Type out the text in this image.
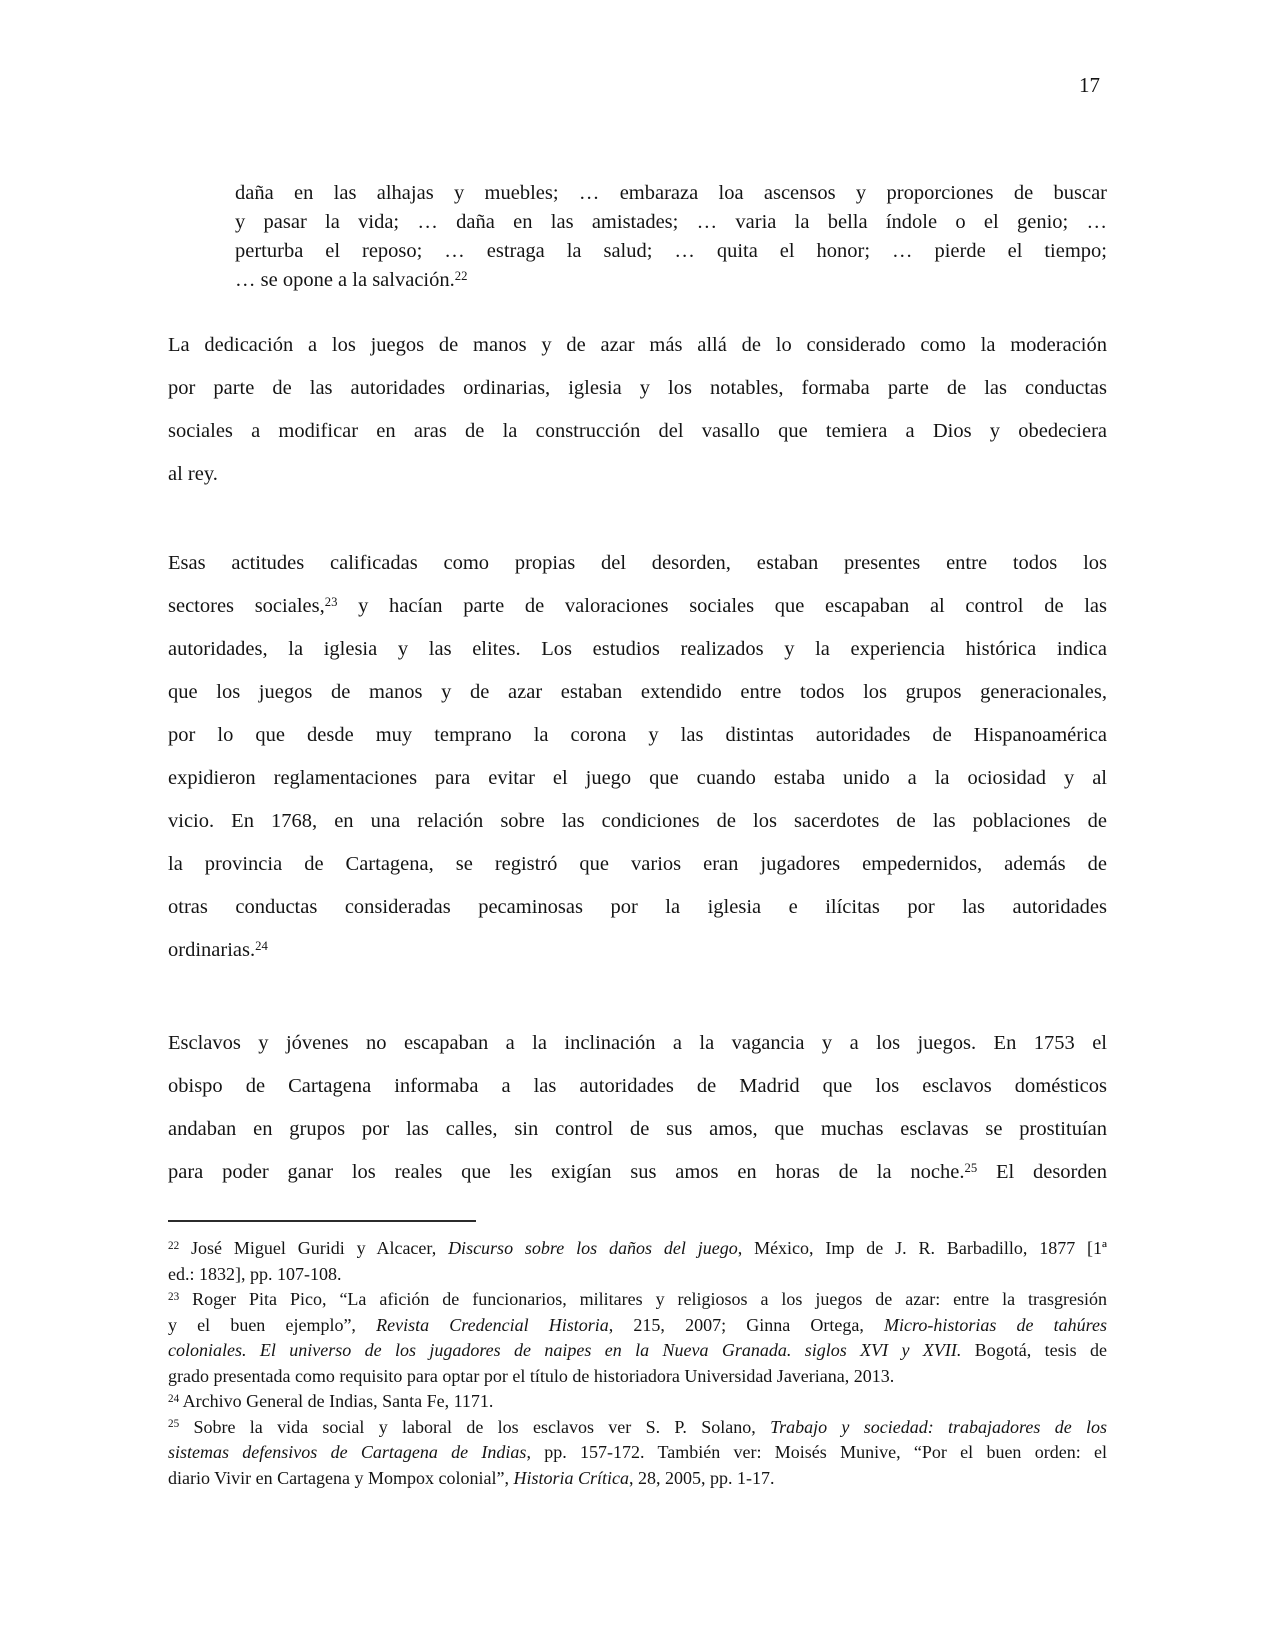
17
daña en las alhajas y muebles; … embaraza loa ascensos y proporciones de buscar
y pasar la vida; … daña en las amistades; … varia la bella índole o el genio; …
perturba el reposo; … estraga la salud; … quita el honor; … pierde el tiempo;
… se opone a la salvación.$^{22}$
La dedicación a los juegos de manos y de azar más allá de lo considerado como la moderación
por parte de las autoridades ordinarias, iglesia y los notables, formaba parte de las conductas
sociales a modificar en aras de la construcción del vasallo que temiera a Dios y obedeciera
al rey.
Esas actitudes calificadas como propias del desorden, estaban presentes entre todos los
sectores sociales,$^{23}$ y hacían parte de valoraciones sociales que escapaban al control de las
autoridades, la iglesia y las elites. Los estudios realizados y la experiencia histórica indica
que los juegos de manos y de azar estaban extendido entre todos los grupos generacionales,
por lo que desde muy temprano la corona y las distintas autoridades de Hispanoamérica
expidieron reglamentaciones para evitar el juego que cuando estaba unido a la ociosidad y al
vicio. En 1768, en una relación sobre las condiciones de los sacerdotes de las poblaciones de
la provincia de Cartagena, se registró que varios eran jugadores empedernidos, además de
otras conductas consideradas pecaminosas por la iglesia e ilícitas por las autoridades
ordinarias.$^{24}$
Esclavos y jóvenes no escapaban a la inclinación a la vagancia y a los juegos. En 1753 el
obispo de Cartagena informaba a las autoridades de Madrid que los esclavos domésticos
andaban en grupos por las calles, sin control de sus amos, que muchas esclavas se prostituían
para poder ganar los reales que les exigían sus amos en horas de la noche.$^{25}$ El desorden
$^{22}$ José Miguel Guridi y Alcacer, Discurso sobre los daños del juego, México, Imp de J. R. Barbadillo, 1877 [1ª
ed.: 1832], pp. 107-108.
$^{23}$ Roger Pita Pico, “La afición de funcionarios, militares y religiosos a los juegos de azar: entre la trasgresión
y el buen ejemplo”, Revista Credencial Historia, 215, 2007; Ginna Ortega, Micro-historias de tahúres
coloniales. El universo de los jugadores de naipes en la Nueva Granada. siglos XVI y XVII. Bogotá, tesis de
grado presentada como requisito para optar por el título de historiadora Universidad Javeriana, 2013.
$^{24}$ Archivo General de Indias, Santa Fe, 1171.
$^{25}$ Sobre la vida social y laboral de los esclavos ver S. P. Solano, Trabajo y sociedad: trabajadores de los
sistemas defensivos de Cartagena de Indias, pp. 157-172. También ver: Moisés Munive, “Por el buen orden: el
diario Vivir en Cartagena y Mompox colonial”, Historia Crítica, 28, 2005, pp. 1-17.
